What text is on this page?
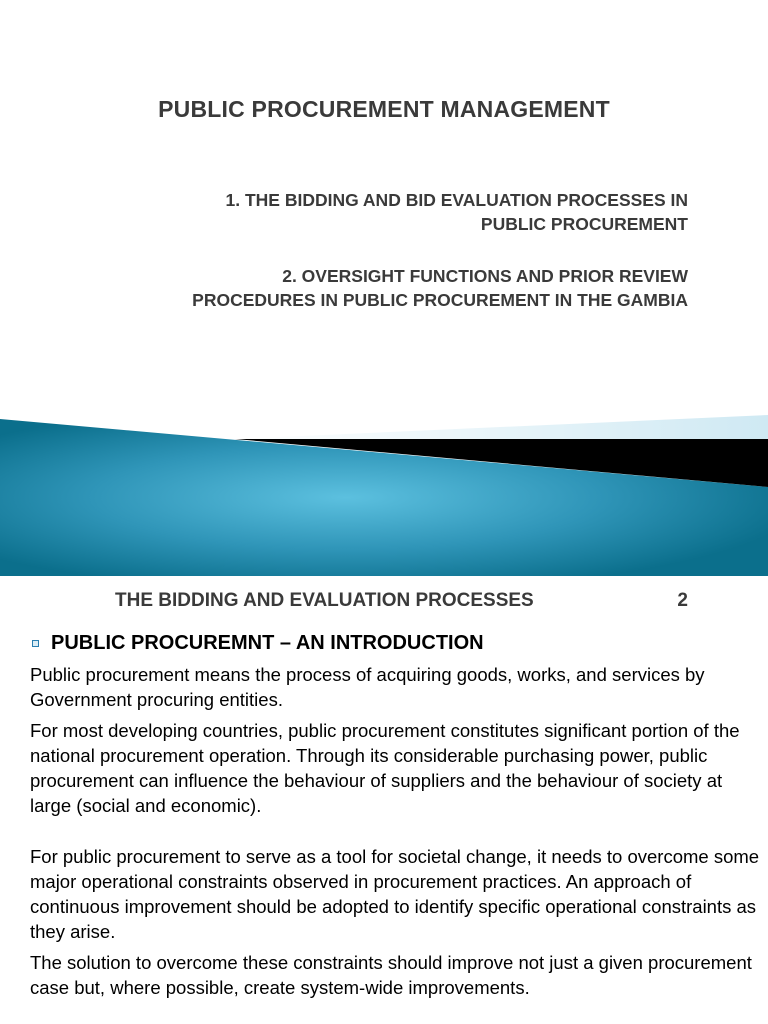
PUBLIC PROCUREMENT MANAGEMENT
1. THE BIDDING AND BID EVALUATION PROCESSES IN
PUBLIC PROCUREMENT
2. OVERSIGHT FUNCTIONS AND PRIOR REVIEW
PROCEDURES IN PUBLIC PROCUREMENT IN THE GAMBIA
THE BIDDING AND EVALUATION PROCESSES	2
PUBLIC PROCUREMNT – AN INTRODUCTION

Public procurement means the process of acquiring goods, works, and services by Government procuring entities.

For most developing countries, public procurement constitutes significant portion of the national procurement operation. Through its considerable purchasing power, public procurement can influence the behaviour of suppliers and the behaviour of society at large (social and economic).

For public procurement to serve as a tool for societal change, it needs to overcome some major operational constraints observed in procurement practices. An approach of continuous improvement should be adopted to identify specific operational constraints as they arise.

The solution to overcome these constraints should improve not just a given procurement case but, where possible, create system-wide improvements.
